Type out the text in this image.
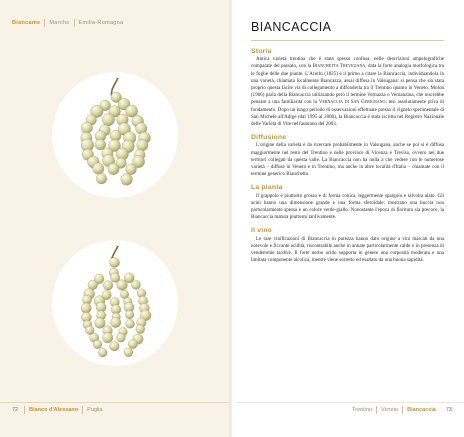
Biancame	Marche	Emilia-Romagna
72	Bianco d'Alessano	Puglia
BIANCACCIA
Storia

Antica varietà trentina che è stata spesso confusa, nelle descrizioni ampelografiche comparate del passato, con la Bianchetta Trevigiana, data la forte analogia morfologica tra le foglie delle due piante. L'Acerbi (1825) è il primo a citare la Biancaccia, individuandola in una varietà, chiamata localmente Biancazza, assai diffusa in Valsugana: si pensa che sia stata proprio questa facile via di collegamento a diffonderla tra il Trentino quanto in Veneto. Molon (1906) parla della Biancaccia utilizzando però il termine Vernazza o Vernanzina, che inscrebbe pensare a una familiarità con la Vernaccia di San Gimignano: tesi assolutamente priva di fondamento. Dopo un lungo periodo di osservazioni effettuate presso il vigneto sperimentale di San Michele all'Adige (dal 1995 al 2000), la Biancaccia è stata iscritta nel Registro Nazionale delle Varietà di Vite nell'autunno del 2003.

Diffusione

L'origine della varietà è da ricercare probabilmente in Valsugana, anche se poi si è diffusa maggiormente nel resto del Trentino e nelle province di Vicenza e Treviso, ovvero nei due territori collegati da questa valle. La Biancaccia non ha nulla a che vedere con le numerose varietà – diffuse in Veneto e in Trentino, ma anche in altre località d'Italia – chiamate con il termine generico Bianchetta.

La pianta

Il grappolo è piuttosto grosso e di forma conica, leggermente spargolo e talvolta alato. Gli acini hanno una dimensione grande e una forma sferoidale; mostrano una buccia non particolarmente spessa e un colore verde-giallo. Nonostante l'epoca di fioritura sia precoce, la Biancaccia matura piuttosto tardivamente.

Il vino

Le rare vinificazioni di Biancaccia in purezza hanno dato origine a vini marcati da una notevole e ficcante acidità, riscontrabile anche in annate particolarmente calde o in presenza di vendemmie tardive. Il forte nerbo acido supporta in genere una corposità moderata e una limitata componente alcolica, mentre viene sorretto ed esaltato da una buona sapidità.

Trentino	Veneto	Biancaccia	73
